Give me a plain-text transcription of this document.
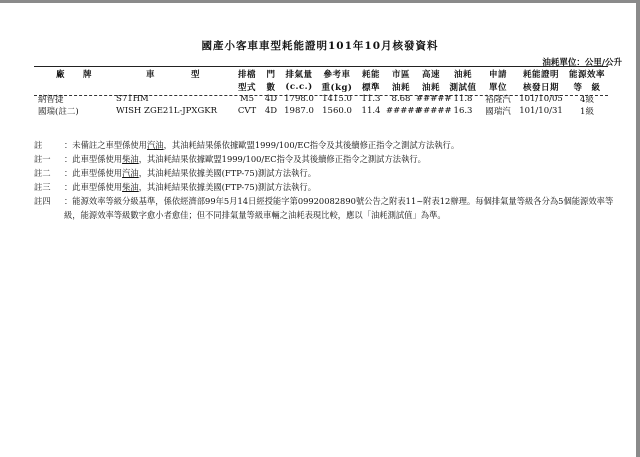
國產小客車車型耗能證明101年10月核發資料
油耗單位：公里/公升
廠　　牌	車　　　　型	排檔	門	排氣量	參考車	耗能	市區	高速	油耗	申請	耗能證明	能源效率
		型式	數	(c.c.)	重(kg)	標準	油耗	油耗	測試值	單位	核發日期	等　級
納智捷	S71HM	M5	4D	1798.0	1415.0	11.3	8.68	#####	11.8	裕隆汽	101/10/05	4級
國瑞(註二)	WISH ZGE21L-JPXGKR	CVT	4D	1987.0	1560.0	11.4	#####	#####	16.3	國瑞汽	101/10/31	1級
註	：未備註之車型係使用汽油，其油耗結果係依據歐盟1999/100/EC指令及其後續修正指令之測試方法執行。
註一	：此車型係使用柴油，其油耗結果依據歐盟1999/100/EC指令及其後續修正指令之測試方法執行。
註二	：此車型係使用汽油，其油耗結果依據美國(FTP-75)測試方法執行。
註三	：此車型係使用柴油，其油耗結果依據美國(FTP-75)測試方法執行。
註四	：能源效率等級分級基準，係依經濟部99年5月14日經授能字第09920082890號公告之附表11~附表12辦理。每個排氣量等級各分為5個能源效率等級，能源效率等級數字愈小者愈佳；但不同排氣量等級車輛之油耗表現比較，應以「油耗測試值」為準。
